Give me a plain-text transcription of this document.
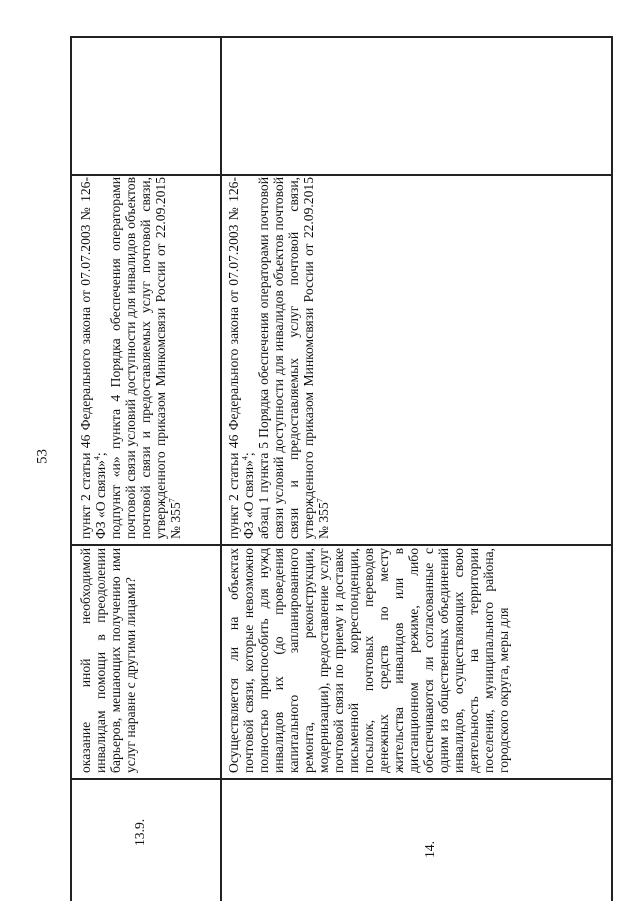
53
13.9.

оказание иной необходимой инвалидам помощи в преодолении барьеров, мешающих получению ими услуг наравне с другими лицами?

пункт 2 статьи 46 Федерального закона от 07.07.2003 № 126-ФЗ «О связи»$^4$; подпункт «и» пункта 4 Порядка обеспечения операторами почтовой связи условий доступности для инвалидов объектов почтовой связи и предоставляемых услуг почтовой связи, утвержденного приказом Минкомсвязи России от 22.09.2015 № $355^7$

14.

Осуществляется ли на объектах почтовой связи, которые невозможно полностью приспособить для нужд инвалидов их (до проведения капитального запланированного ремонта, реконструкции, модернизации), предоставление услуг почтовой связи по приему и доставке письменной корреспонденции, посылок, почтовых переводов денежных средств по месту жительства инвалидов или в дистанционном режиме, либо обеспечиваются ли согласованные с одним из общественных объединений инвалидов, осуществляющих свою деятельность на территории поселения, муниципального района, городского округа, меры для

пункт 2 статьи 46 Федерального закона от 07.07.2003 № 126-ФЗ «О связи»$^4$; абзац 1 пункта 5 Порядка обеспечения операторами почтовой связи условий доступности для инвалидов объектов почтовой связи и предоставляемых услуг почтовой связи, утвержденного приказом Минкомсвязи России от 22.09.2015 № $355^7$
